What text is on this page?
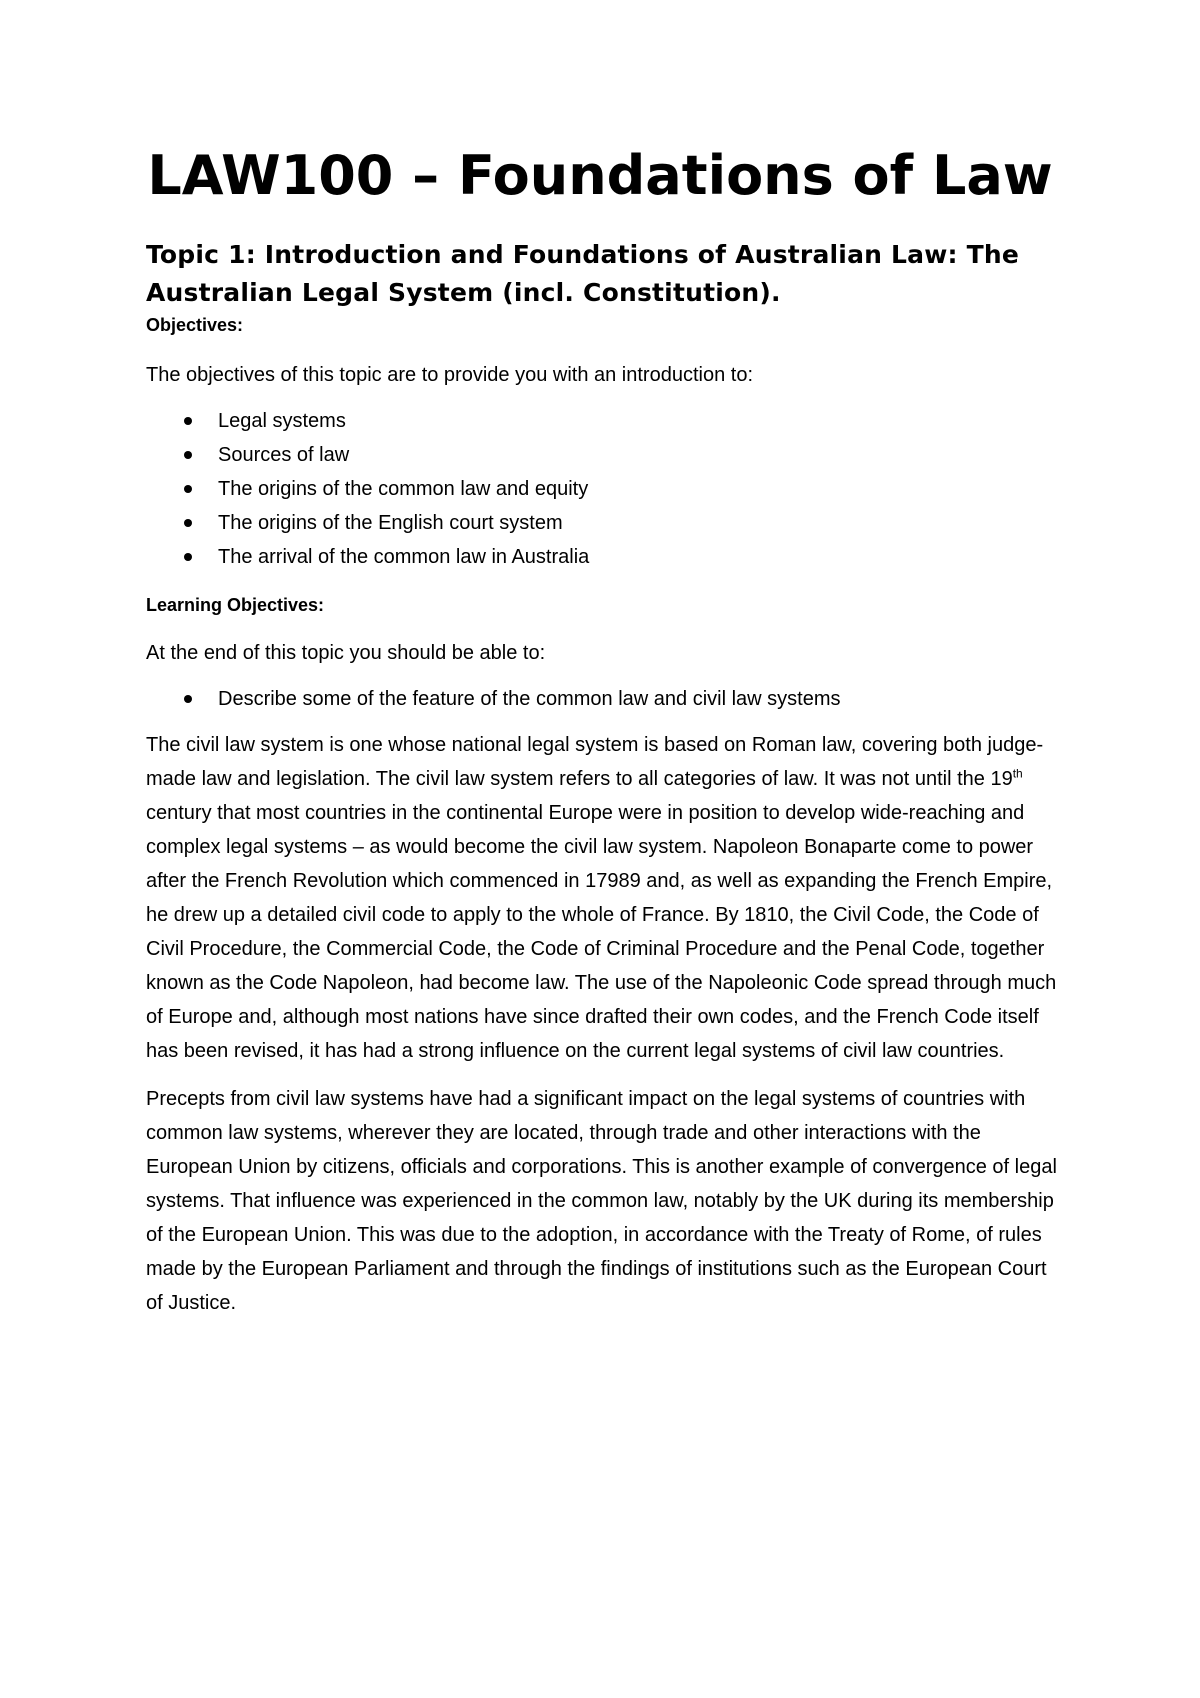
LAW100 – Foundations of Law
Topic 1: Introduction and Foundations of Australian Law: The Australian Legal System (incl. Constitution).

Objectives:

The objectives of this topic are to provide you with an introduction to:

Legal systems
Sources of law
The origins of the common law and equity
The origins of the English court system
The arrival of the common law in Australia

Learning Objectives:

At the end of this topic you should be able to:

Describe some of the feature of the common law and civil law systems

The civil law system is one whose national legal system is based on Roman law, covering both judge-made law and legislation. The civil law system refers to all categories of law. It was not until the 19th century that most countries in the continental Europe were in position to develop wide-reaching and complex legal systems – as would become the civil law system. Napoleon Bonaparte come to power after the French Revolution which commenced in 17989 and, as well as expanding the French Empire, he drew up a detailed civil code to apply to the whole of France. By 1810, the Civil Code, the Code of Civil Procedure, the Commercial Code, the Code of Criminal Procedure and the Penal Code, together known as the Code Napoleon, had become law. The use of the Napoleonic Code spread through much of Europe and, although most nations have since drafted their own codes, and the French Code itself has been revised, it has had a strong influence on the current legal systems of civil law countries.

Precepts from civil law systems have had a significant impact on the legal systems of countries with common law systems, wherever they are located, through trade and other interactions with the European Union by citizens, officials and corporations. This is another example of convergence of legal systems. That influence was experienced in the common law, notably by the UK during its membership of the European Union. This was due to the adoption, in accordance with the Treaty of Rome, of rules made by the European Parliament and through the findings of institutions such as the European Court of Justice.
